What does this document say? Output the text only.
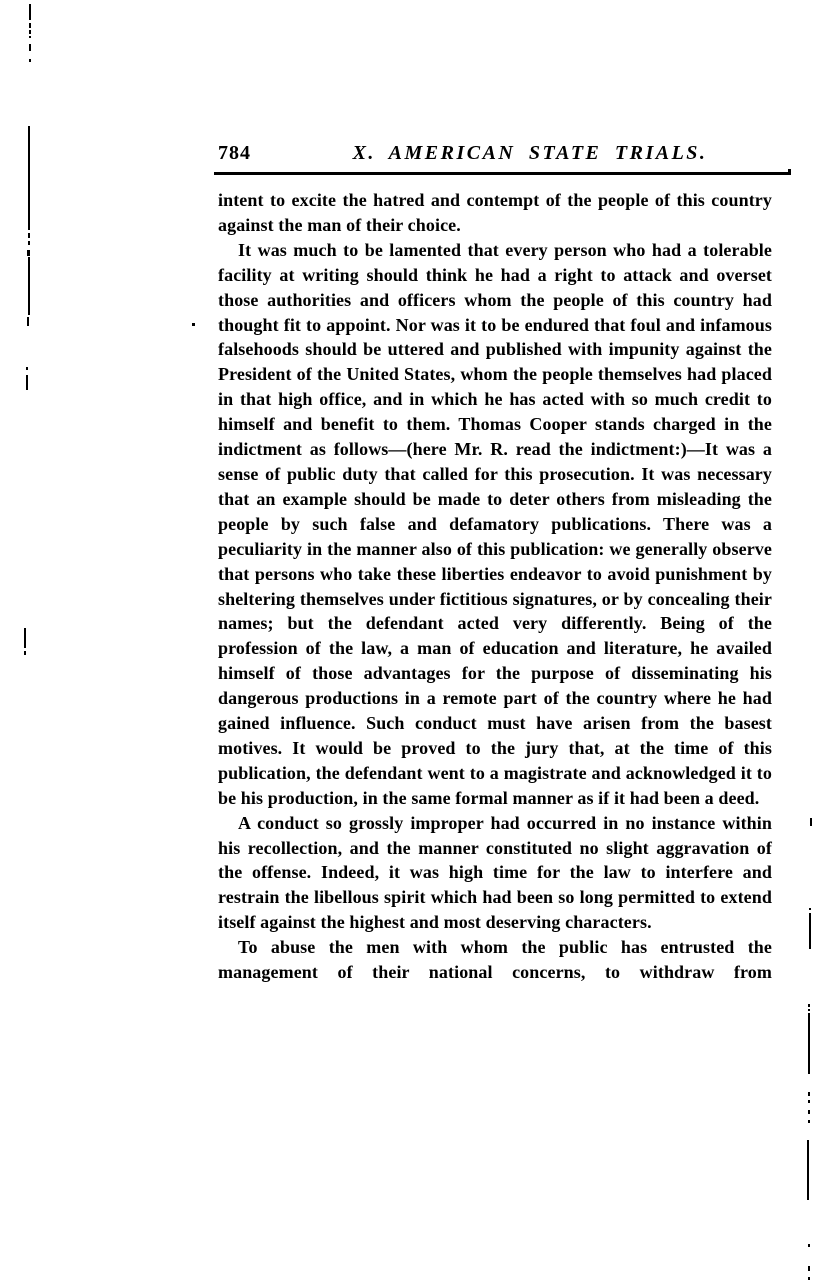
784	X. AMERICAN STATE TRIALS.

intent to excite the hatred and contempt of the people of this country against the man of their choice.

It was much to be lamented that every person who had a tolerable facility at writing should think he had a right to attack and overset those authorities and officers whom the people of this country had thought fit to appoint. Nor was it to be endured that foul and infamous falsehoods should be uttered and published with impunity against the President of the United States, whom the people themselves had placed in that high office, and in which he has acted with so much credit to himself and benefit to them. Thomas Cooper stands charged in the indictment as follows—(here Mr. R. read the indictment:)—It was a sense of public duty that called for this prosecution. It was necessary that an example should be made to deter others from misleading the people by such false and defamatory publications. There was a peculiarity in the manner also of this publication: we generally observe that persons who take these liberties endeavor to avoid punishment by sheltering themselves under fictitious signatures, or by concealing their names; but the defendant acted very differently. Being of the profession of the law, a man of education and literature, he availed himself of those advantages for the purpose of disseminating his dangerous productions in a remote part of the country where he had gained influence. Such conduct must have arisen from the basest motives. It would be proved to the jury that, at the time of this publication, the defendant went to a magistrate and acknowledged it to be his production, in the same formal manner as if it had been a deed.

A conduct so grossly improper had occurred in no instance within his recollection, and the manner constituted no slight aggravation of the offense. Indeed, it was high time for the law to interfere and restrain the libellous spirit which had been so long permitted to extend itself against the highest and most deserving characters.

To abuse the men with whom the public has entrusted the management of their national concerns, to withdraw from
